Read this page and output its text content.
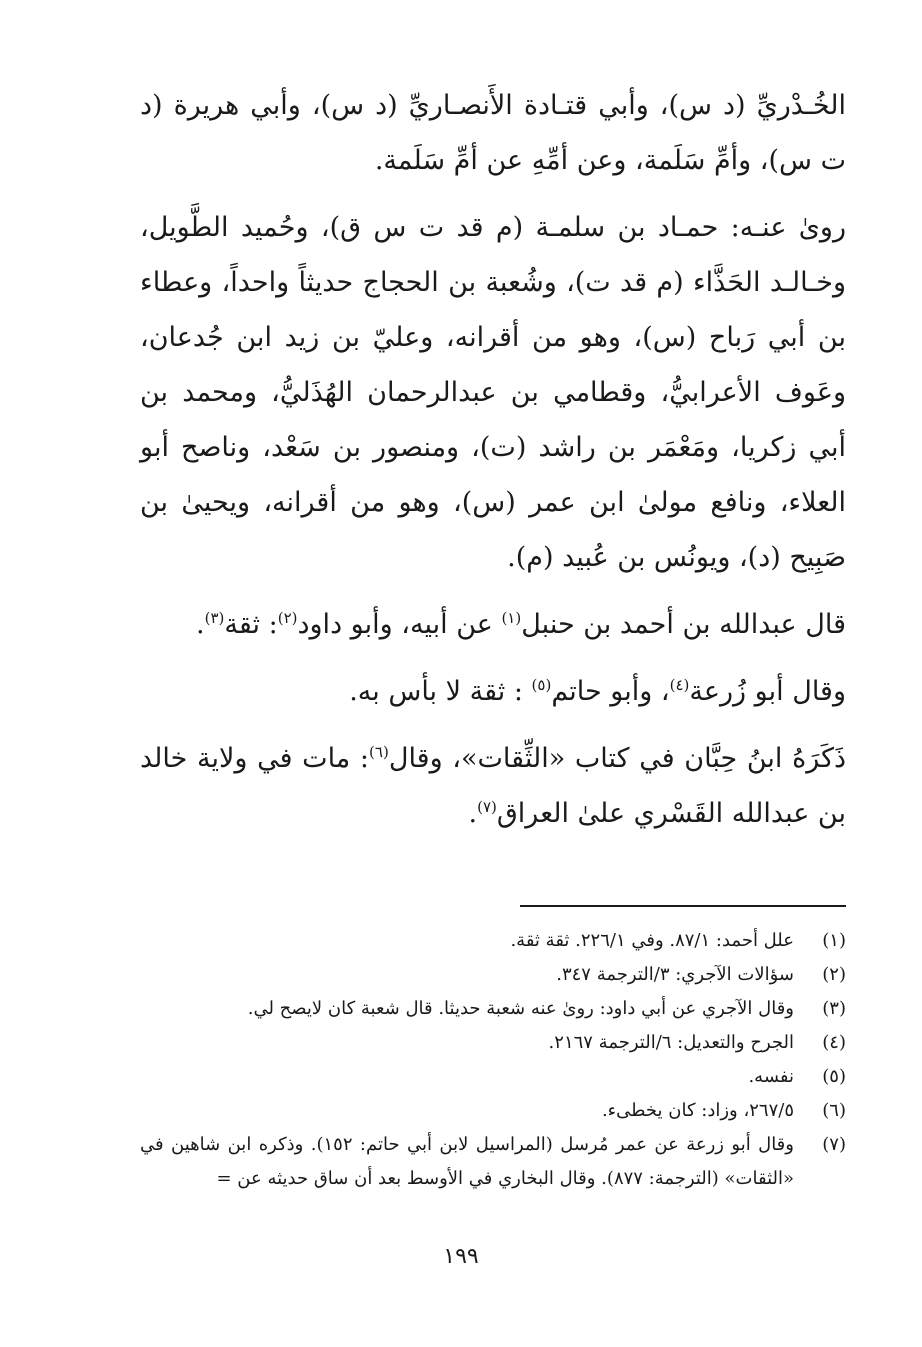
الخُـدْريِّ (د س)، وأبي قتـادة الأَنصـاريِّ (د س)، وأبي هريرة (د ت س)، وأمِّ سَلَمة، وعن أمِّهِ عن أمِّ سَلَمة.

رویٰ عنـه: حمـاد بن سلمـة (م قد ت س ق)، وحُميد الطَّويل، وخـالـد الحَذَّاء (م قد ت)، وشُعبة بن الحجاج حديثاً واحداً، وعطاء بن أبي رَباح (س)، وهو من أقرانه، وعليّ بن زيد ابن جُدعان، وعَوف الأعرابيُّ، وقطامي بن عبدالرحمان الهُذَليُّ، ومحمد بن أبي زكريا، ومَعْمَر بن راشد (ت)، ومنصور بن سَعْد، وناصح أبو العلاء، ونافع مولىٰ ابن عمر (س)، وهو من أقرانه، ويحيىٰ بن صَبِيح (د)، ويونُس بن عُبيد (م).

قال عبدالله بن أحمد بن حنبل$^{(١)}$ عن أبيه، وأبو داود$^{(٢)}$: ثقة$^{(٣)}$.

وقال أبو زُرعة$^{(٤)}$، وأبو حاتم$^{(٥)}$ : ثقة لا بأس به.

ذَكَرَهُ ابنُ حِبَّان في كتاب «الثِّقات»، وقال$^{(٦)}$: مات في ولاية خالد بن عبدالله القَسْري علىٰ العراق$^{(٧)}$.

(١)
علل أحمد: ٨٧/١. وفي ٢٢٦/١. ثقة ثقة.
(٢)
سؤالات الآجري: ٣/الترجمة ٣٤٧.
(٣)
وقال الآجري عن أبي داود: رویٰ عنه شعبة حديثا. قال شعبة كان لايصح لي.
(٤)
الجرح والتعديل: ٦/الترجمة ٢١٦٧.
(٥)
نفسه.
(٦)
٢٦٧/٥، وزاد: كان يخطىء.
(٧)
وقال أبو زرعة عن عمر مُرسل (المراسيل لابن أبي حاتم: ١٥٢). وذكره ابن شاهين في «الثقات» (الترجمة: ٨٧٧). وقال البخاري في الأوسط بعد أن ساق حديثه عن =
١٩٩
